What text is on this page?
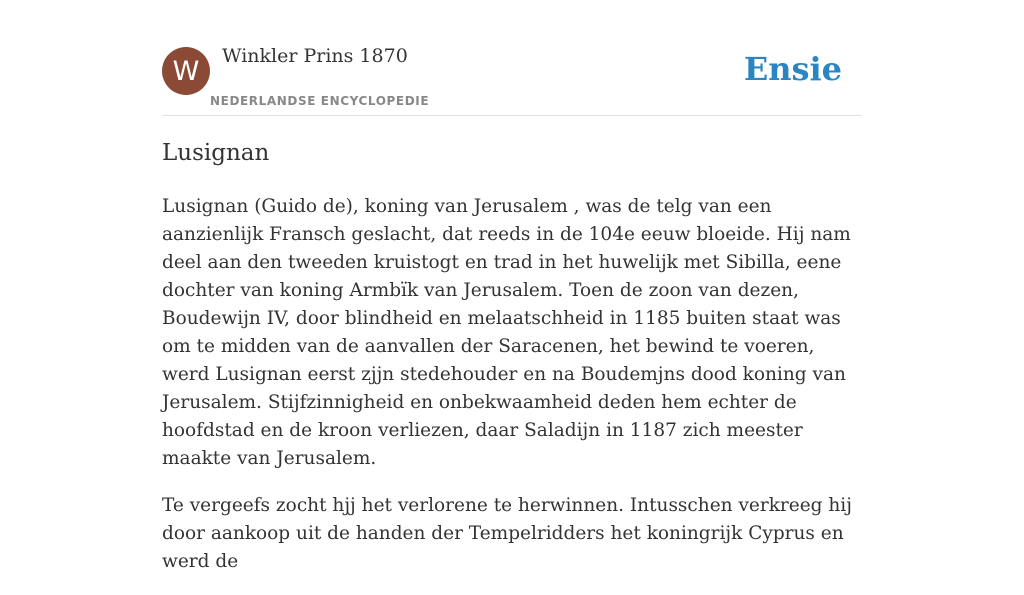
W	Winkler Prins 1870
NEDERLANDSE ENCYCLOPEDIE
Ensie
Lusignan

Lusignan (Guido de), koning van Jerusalem , was de telg van een aanzienlijk Fransch geslacht, dat reeds in de 104e eeuw bloeide. Hij nam deel aan den tweeden kruistogt en trad in het huwelijk met Sibilla, eene dochter van koning Armbïk van Jerusalem. Toen de zoon van dezen, Boudewijn IV, door blindheid en melaatschheid in 1185 buiten staat was om te midden van de aanvallen der Saracenen, het bewind te voeren, werd Lusignan eerst zjjn stedehouder en na Boudemjns dood koning van Jerusalem. Stijfzinnigheid en onbekwaamheid deden hem echter de hoofdstad en de kroon verliezen, daar Saladijn in 1187 zich meester maakte van Jerusalem.

Te vergeefs zocht hjj het verlorene te herwinnen. Intusschen verkreeg hij door aankoop uit de handen der Tempelridders het koningrijk Cyprus en werd de
